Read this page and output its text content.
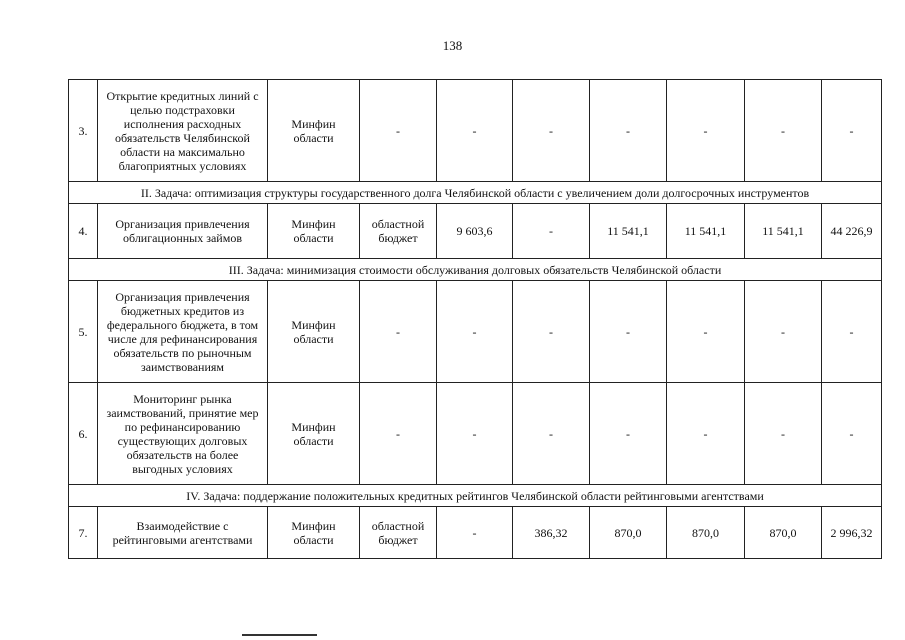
138
3.	Открытие кредитных линий с целью подстраховки исполнения расходных обязательств Челябинской области на максимально благоприятных условиях	Минфин области	-	-	-	-	-	-	-
II. Задача: оптимизация структуры государственного долга Челябинской области с увеличением доли долгосрочных инструментов									
4.	Организация привлечения облигационных займов	Минфин области	областной бюджет	9 603,6	-	11 541,1	11 541,1	11 541,1	44 226,9
III. Задача: минимизация стоимости обслуживания долговых обязательств Челябинской области									
5.	Организация привлечения бюджетных кредитов из федерального бюджета, в том числе для рефинансирования обязательств по рыночным заимствованиям	Минфин области	-	-	-	-	-	-	-
6.	Мониторинг рынка заимствований, принятие мер по рефинансированию существующих долговых обязательств на более выгодных условиях	Минфин области	-	-	-	-	-	-	-
IV. Задача: поддержание положительных кредитных рейтингов Челябинской области рейтинговыми агентствами									
7.	Взаимодействие с рейтинговыми агентствами	Минфин области	областной бюджет	-	386,32	870,0	870,0	870,0	2 996,32
